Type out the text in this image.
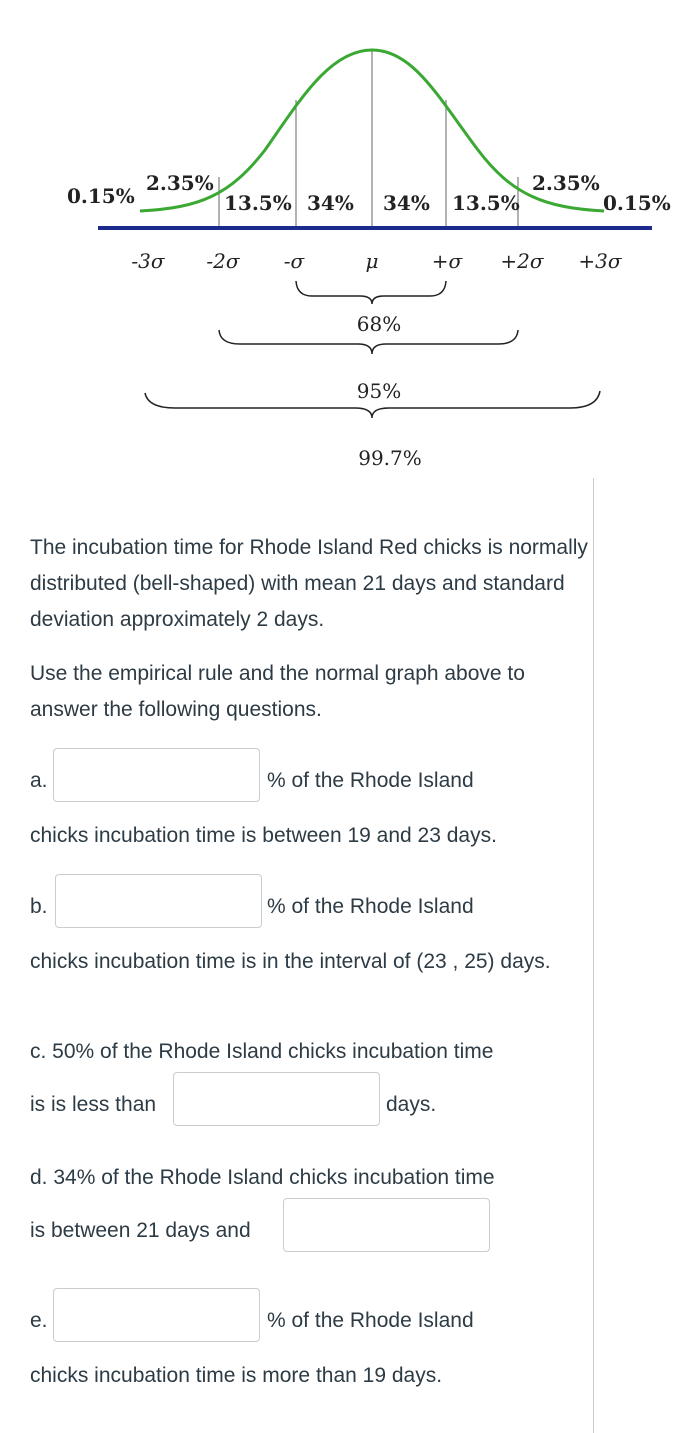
0.15%
2.35%
13.5% 34% 34% 13.5%
2.35%
0.15%
-3σ -2σ -σ	μ	+σ +2σ +3σ
68%
95%
99.7%

The incubation time for Rhode Island Red chicks is normally distributed (bell-shaped) with mean 21 days and standard deviation approximately 2 days.

Use the empirical rule and the normal graph above to answer the following questions.

a.	% of the Rhode Island
chicks incubation time is between 19 and 23 days.
b.	% of the Rhode Island

chicks incubation time is in the interval of (23 , 25) days.

c. 50% of the Rhode Island chicks incubation time
is is less than	days.
d. 34% of the Rhode Island chicks incubation time
is between 21 days and
e.	% of the Rhode Island
chicks incubation time is more than 19 days.
